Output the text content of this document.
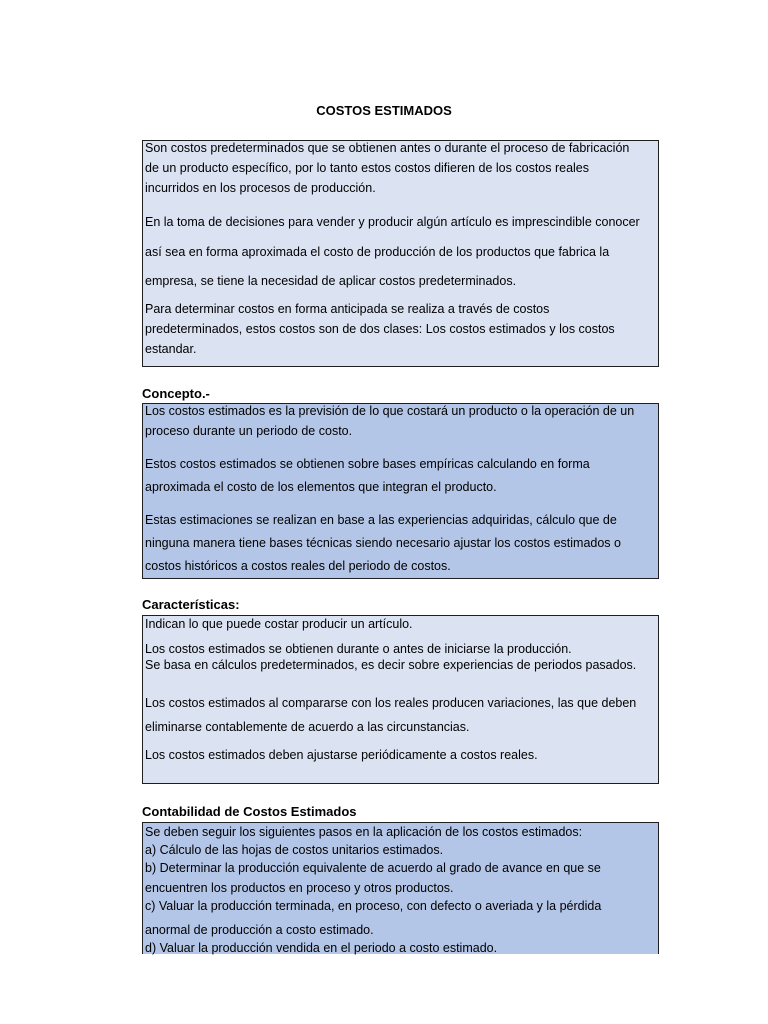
COSTOS ESTIMADOS
Son costos predeterminados que se obtienen antes o durante el proceso de fabricación
de un producto específico, por lo tanto estos costos difieren de los costos reales
incurridos en los procesos de producción.
En la toma de decisiones para vender y producir algún artículo es imprescindible conocer
así sea en forma aproximada el costo de producción de los productos que fabrica la
empresa, se tiene la necesidad de aplicar costos predeterminados.
Para determinar costos en forma anticipada se realiza a través de costos
predeterminados, estos costos son de dos clases: Los costos estimados y los costos
estandar.
Concepto.-
Los costos estimados es la previsión de lo que costará un producto o la operación de un
proceso durante un periodo de costo.
Estos costos estimados se obtienen sobre bases empíricas calculando en forma
aproximada el costo de los elementos que integran el producto.
Estas estimaciones se realizan en base a las experiencias adquiridas, cálculo que de
ninguna manera tiene bases técnicas siendo necesario ajustar los costos estimados o
costos históricos a costos reales del periodo de costos.
Características:
Indican lo que puede costar producir un artículo.
Los costos estimados se obtienen durante o antes de iniciarse la producción.
Se basa en cálculos predeterminados, es decir sobre experiencias de periodos pasados.
Los costos estimados al compararse con los reales producen variaciones, las que deben
eliminarse contablemente de acuerdo a las circunstancias.
Los costos estimados deben ajustarse periódicamente a costos reales.
Contabilidad de Costos Estimados
Se deben seguir los siguientes pasos en la aplicación de los costos estimados:
a) Cálculo de las hojas de costos unitarios estimados.
b) Determinar la producción equivalente de acuerdo al grado de avance en que se
encuentren los productos en proceso y otros productos.
c) Valuar la producción terminada, en proceso, con defecto o averiada y la pérdida
anormal de producción a costo estimado.
d) Valuar la producción vendida en el periodo a costo estimado.
